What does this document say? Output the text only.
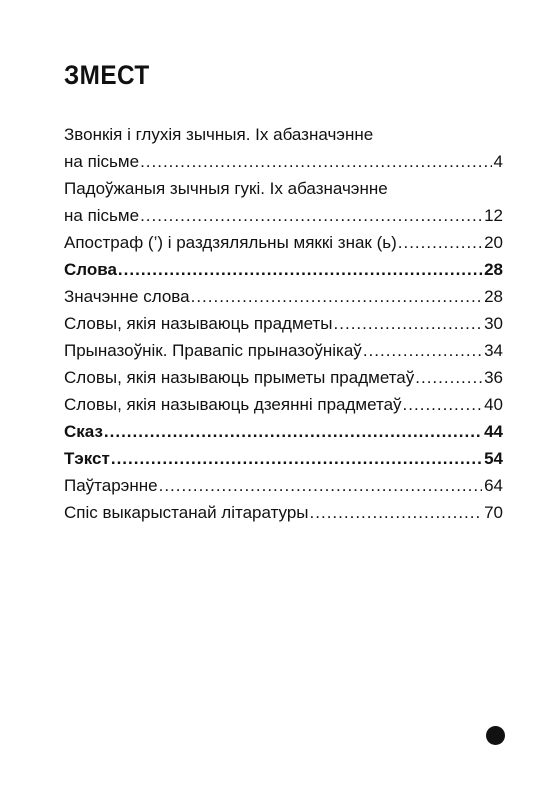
ЗМЕСТ
Звонкія і глухія зычныя. Іх абазначэнне
на пісьме .....	4
Падоўжаныя зычныя гукі. Іх абазначэнне
на пісьме .....	12
Апостраф (’) і раздзяляльны мяккі знак (ь) .....	20
Слова .....	28
Значэнне слова .....	28
Словы, якія называюць прадметы .....	30
Прыназоўнік. Правапіс прыназоўнікаў .....	34
Словы, якія называюць прыметы прадметаў .....	36
Словы, якія называюць дзеянні прадметаў .....	40
Сказ .....	44
Тэкст .....	54
Паўтарэнне .....	64
Спіс выкарыстанай літаратуры .....	70
